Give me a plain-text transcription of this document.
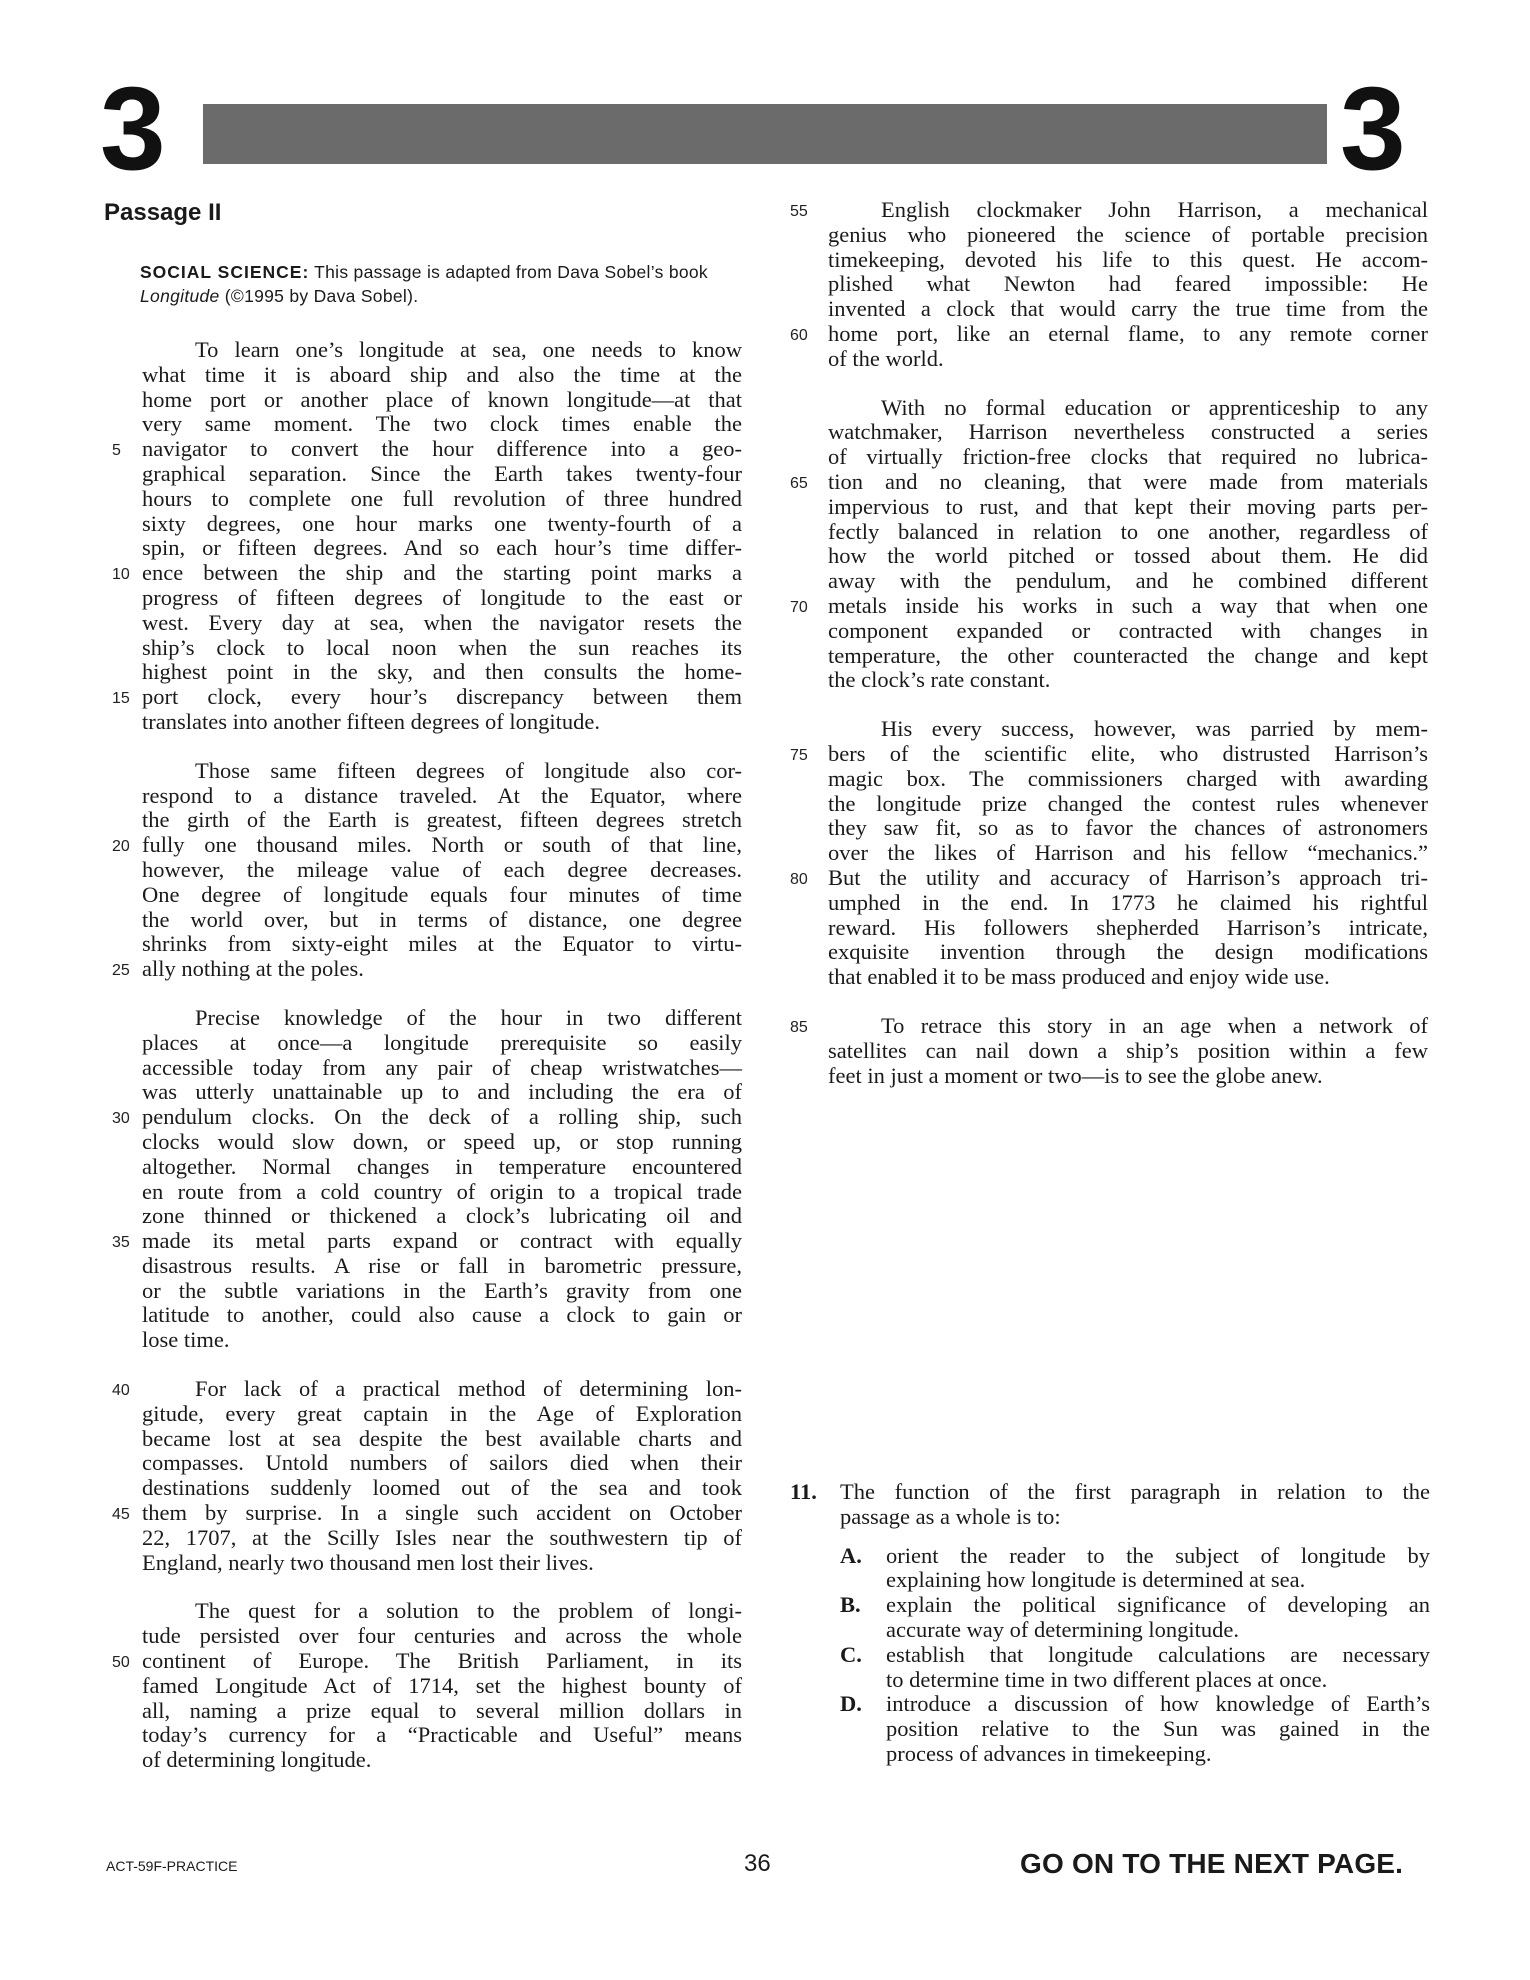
3	3
Passage II
SOCIAL SCIENCE: This passage is adapted from Dava Sobel’s book Longitude (©1995 by Dava Sobel).
To learn one’s longitude at sea, one needs to know
what time it is aboard ship and also the time at the
home port or another place of known longitude—at that
very same moment. The two clock times enable the
5 navigator to convert the hour difference into a geo-
graphical separation. Since the Earth takes twenty-four
hours to complete one full revolution of three hundred
sixty degrees, one hour marks one twenty-fourth of a
spin, or fifteen degrees. And so each hour’s time differ-
10 ence between the ship and the starting point marks a
progress of fifteen degrees of longitude to the east or
west. Every day at sea, when the navigator resets the
ship’s clock to local noon when the sun reaches its
highest point in the sky, and then consults the home-
15 port clock, every hour’s discrepancy between them
translates into another fifteen degrees of longitude.
Those same fifteen degrees of longitude also cor-
respond to a distance traveled. At the Equator, where
the girth of the Earth is greatest, fifteen degrees stretch
20 fully one thousand miles. North or south of that line,
however, the mileage value of each degree decreases.
One degree of longitude equals four minutes of time
the world over, but in terms of distance, one degree
shrinks from sixty-eight miles at the Equator to virtu-
25 ally nothing at the poles.
Precise knowledge of the hour in two different
places at once—a longitude prerequisite so easily
accessible today from any pair of cheap wristwatches—
was utterly unattainable up to and including the era of
30 pendulum clocks. On the deck of a rolling ship, such
clocks would slow down, or speed up, or stop running
altogether. Normal changes in temperature encountered
en route from a cold country of origin to a tropical trade
zone thinned or thickened a clock’s lubricating oil and
35 made its metal parts expand or contract with equally
disastrous results. A rise or fall in barometric pressure,
or the subtle variations in the Earth’s gravity from one
latitude to another, could also cause a clock to gain or
lose time.
40	For lack of a practical method of determining lon-
gitude, every great captain in the Age of Exploration
became lost at sea despite the best available charts and
compasses. Untold numbers of sailors died when their
destinations suddenly loomed out of the sea and took
45 them by surprise. In a single such accident on October
22, 1707, at the Scilly Isles near the southwestern tip of
England, nearly two thousand men lost their lives.
The quest for a solution to the problem of longi-
tude persisted over four centuries and across the whole
50 continent of Europe. The British Parliament, in its
famed Longitude Act of 1714, set the highest bounty of
all, naming a prize equal to several million dollars in
today’s currency for a “Practicable and Useful” means
of determining longitude.
55	English clockmaker John Harrison, a mechanical
genius who pioneered the science of portable precision
timekeeping, devoted his life to this quest. He accom-
plished what Newton had feared impossible: He
invented a clock that would carry the true time from the
60 home port, like an eternal flame, to any remote corner
of the world.
With no formal education or apprenticeship to any
watchmaker, Harrison nevertheless constructed a series
of virtually friction-free clocks that required no lubrica-
65 tion and no cleaning, that were made from materials
impervious to rust, and that kept their moving parts per-
fectly balanced in relation to one another, regardless of
how the world pitched or tossed about them. He did
away with the pendulum, and he combined different
70 metals inside his works in such a way that when one
component expanded or contracted with changes in
temperature, the other counteracted the change and kept
the clock’s rate constant.
His every success, however, was parried by mem-
75 bers of the scientific elite, who distrusted Harrison’s
magic box. The commissioners charged with awarding
the longitude prize changed the contest rules whenever
they saw fit, so as to favor the chances of astronomers
over the likes of Harrison and his fellow “mechanics.”
80 But the utility and accuracy of Harrison’s approach tri-
umphed in the end. In 1773 he claimed his rightful
reward. His followers shepherded Harrison’s intricate,
exquisite invention through the design modifications
that enabled it to be mass produced and enjoy wide use.
85	To retrace this story in an age when a network of
satellites can nail down a ship’s position within a few
feet in just a moment or two—is to see the globe anew.
11. The function of the first paragraph in relation to the
passage as a whole is to:
A. orient the reader to the subject of longitude by
explaining how longitude is determined at sea.
B. explain the political significance of developing an
accurate way of determining longitude.
C. establish that longitude calculations are necessary
to determine time in two different places at once.
D. introduce a discussion of how knowledge of Earth’s
position relative to the Sun was gained in the
process of advances in timekeeping.
ACT-59F-PRACTICE	36	GO ON TO THE NEXT PAGE.
